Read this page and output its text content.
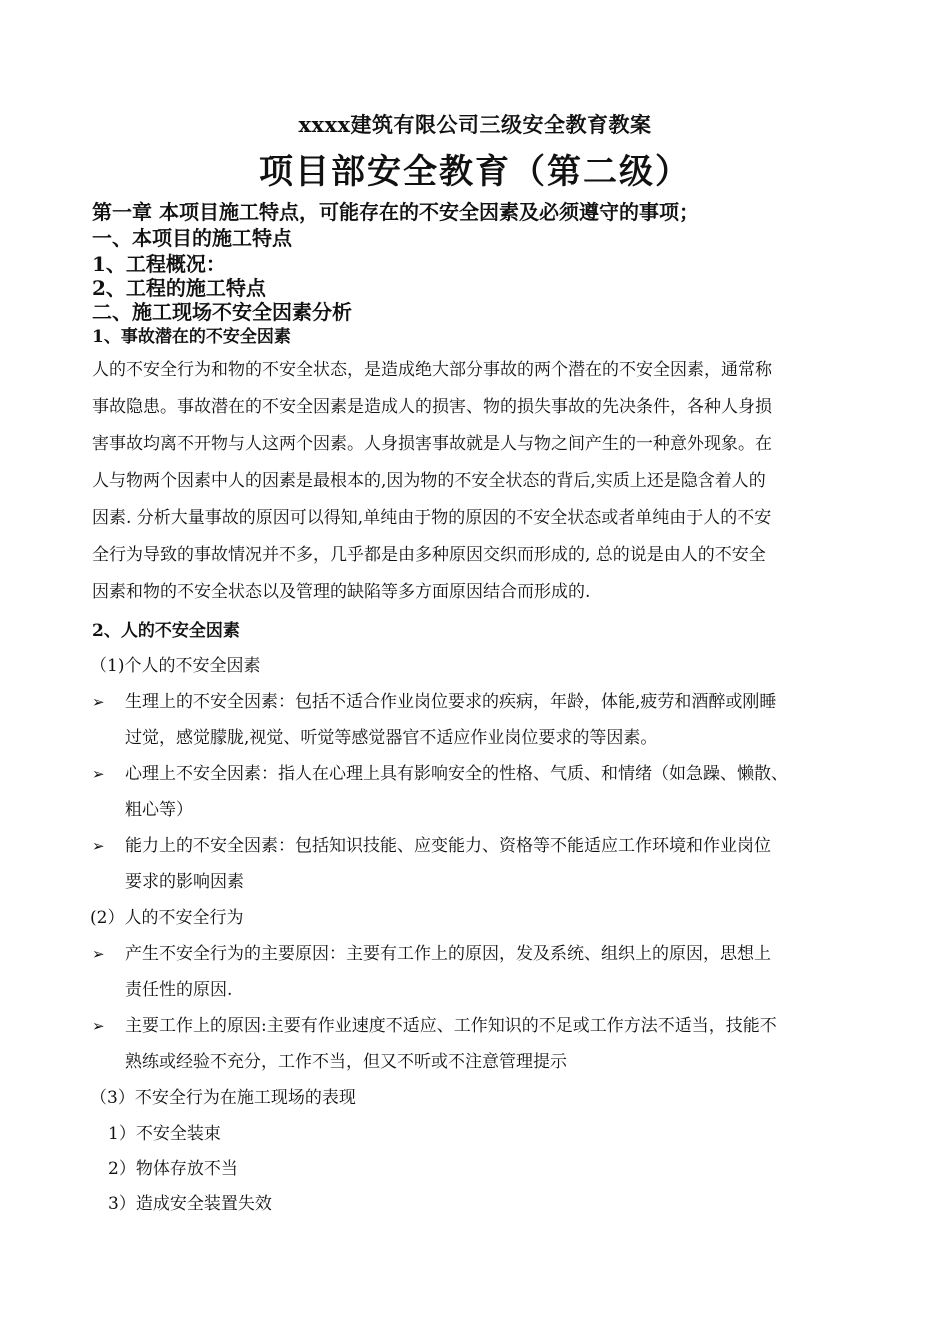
xxxx建筑有限公司三级安全教育教案
项目部安全教育（第二级）
第一章 本项目施工特点，可能存在的不安全因素及必须遵守的事项；
一、本项目的施工特点
1、工程概况：
2、工程的施工特点
二、施工现场不安全因素分析
1、事故潜在的不安全因素
人的不安全行为和物的不安全状态，是造成绝大部分事故的两个潜在的不安全因素，通常称
事故隐患。事故潜在的不安全因素是造成人的损害、物的损失事故的先决条件，各种人身损
害事故均离不开物与人这两个因素。人身损害事故就是人与物之间产生的一种意外现象。在
人与物两个因素中人的因素是最根本的,因为物的不安全状态的背后,实质上还是隐含着人的
因素. 分析大量事故的原因可以得知,单纯由于物的原因的不安全状态或者单纯由于人的不安
全行为导致的事故情况并不多，几乎都是由多种原因交织而形成的, 总的说是由人的不安全
因素和物的不安全状态以及管理的缺陷等多方面原因结合而形成的.
2、人的不安全因素
（1)个人的不安全因素
➢ 生理上的不安全因素：包括不适合作业岗位要求的疾病，年龄，体能,疲劳和酒醉或刚睡
过觉，感觉朦胧,视觉、听觉等感觉器官不适应作业岗位要求的等因素。
➢ 心理上不安全因素：指人在心理上具有影响安全的性格、气质、和情绪（如急躁、懒散、
粗心等）
➢ 能力上的不安全因素：包括知识技能、应变能力、资格等不能适应工作环境和作业岗位
要求的影响因素
(2）人的不安全行为
➢ 产生不安全行为的主要原因：主要有工作上的原因，发及系统、组织上的原因，思想上
责任性的原因.
➢ 主要工作上的原因:主要有作业速度不适应、工作知识的不足或工作方法不适当，技能不
熟练或经验不充分，工作不当，但又不听或不注意管理提示
（3）不安全行为在施工现场的表现
1）不安全装束
2）物体存放不当
3）造成安全装置失效
